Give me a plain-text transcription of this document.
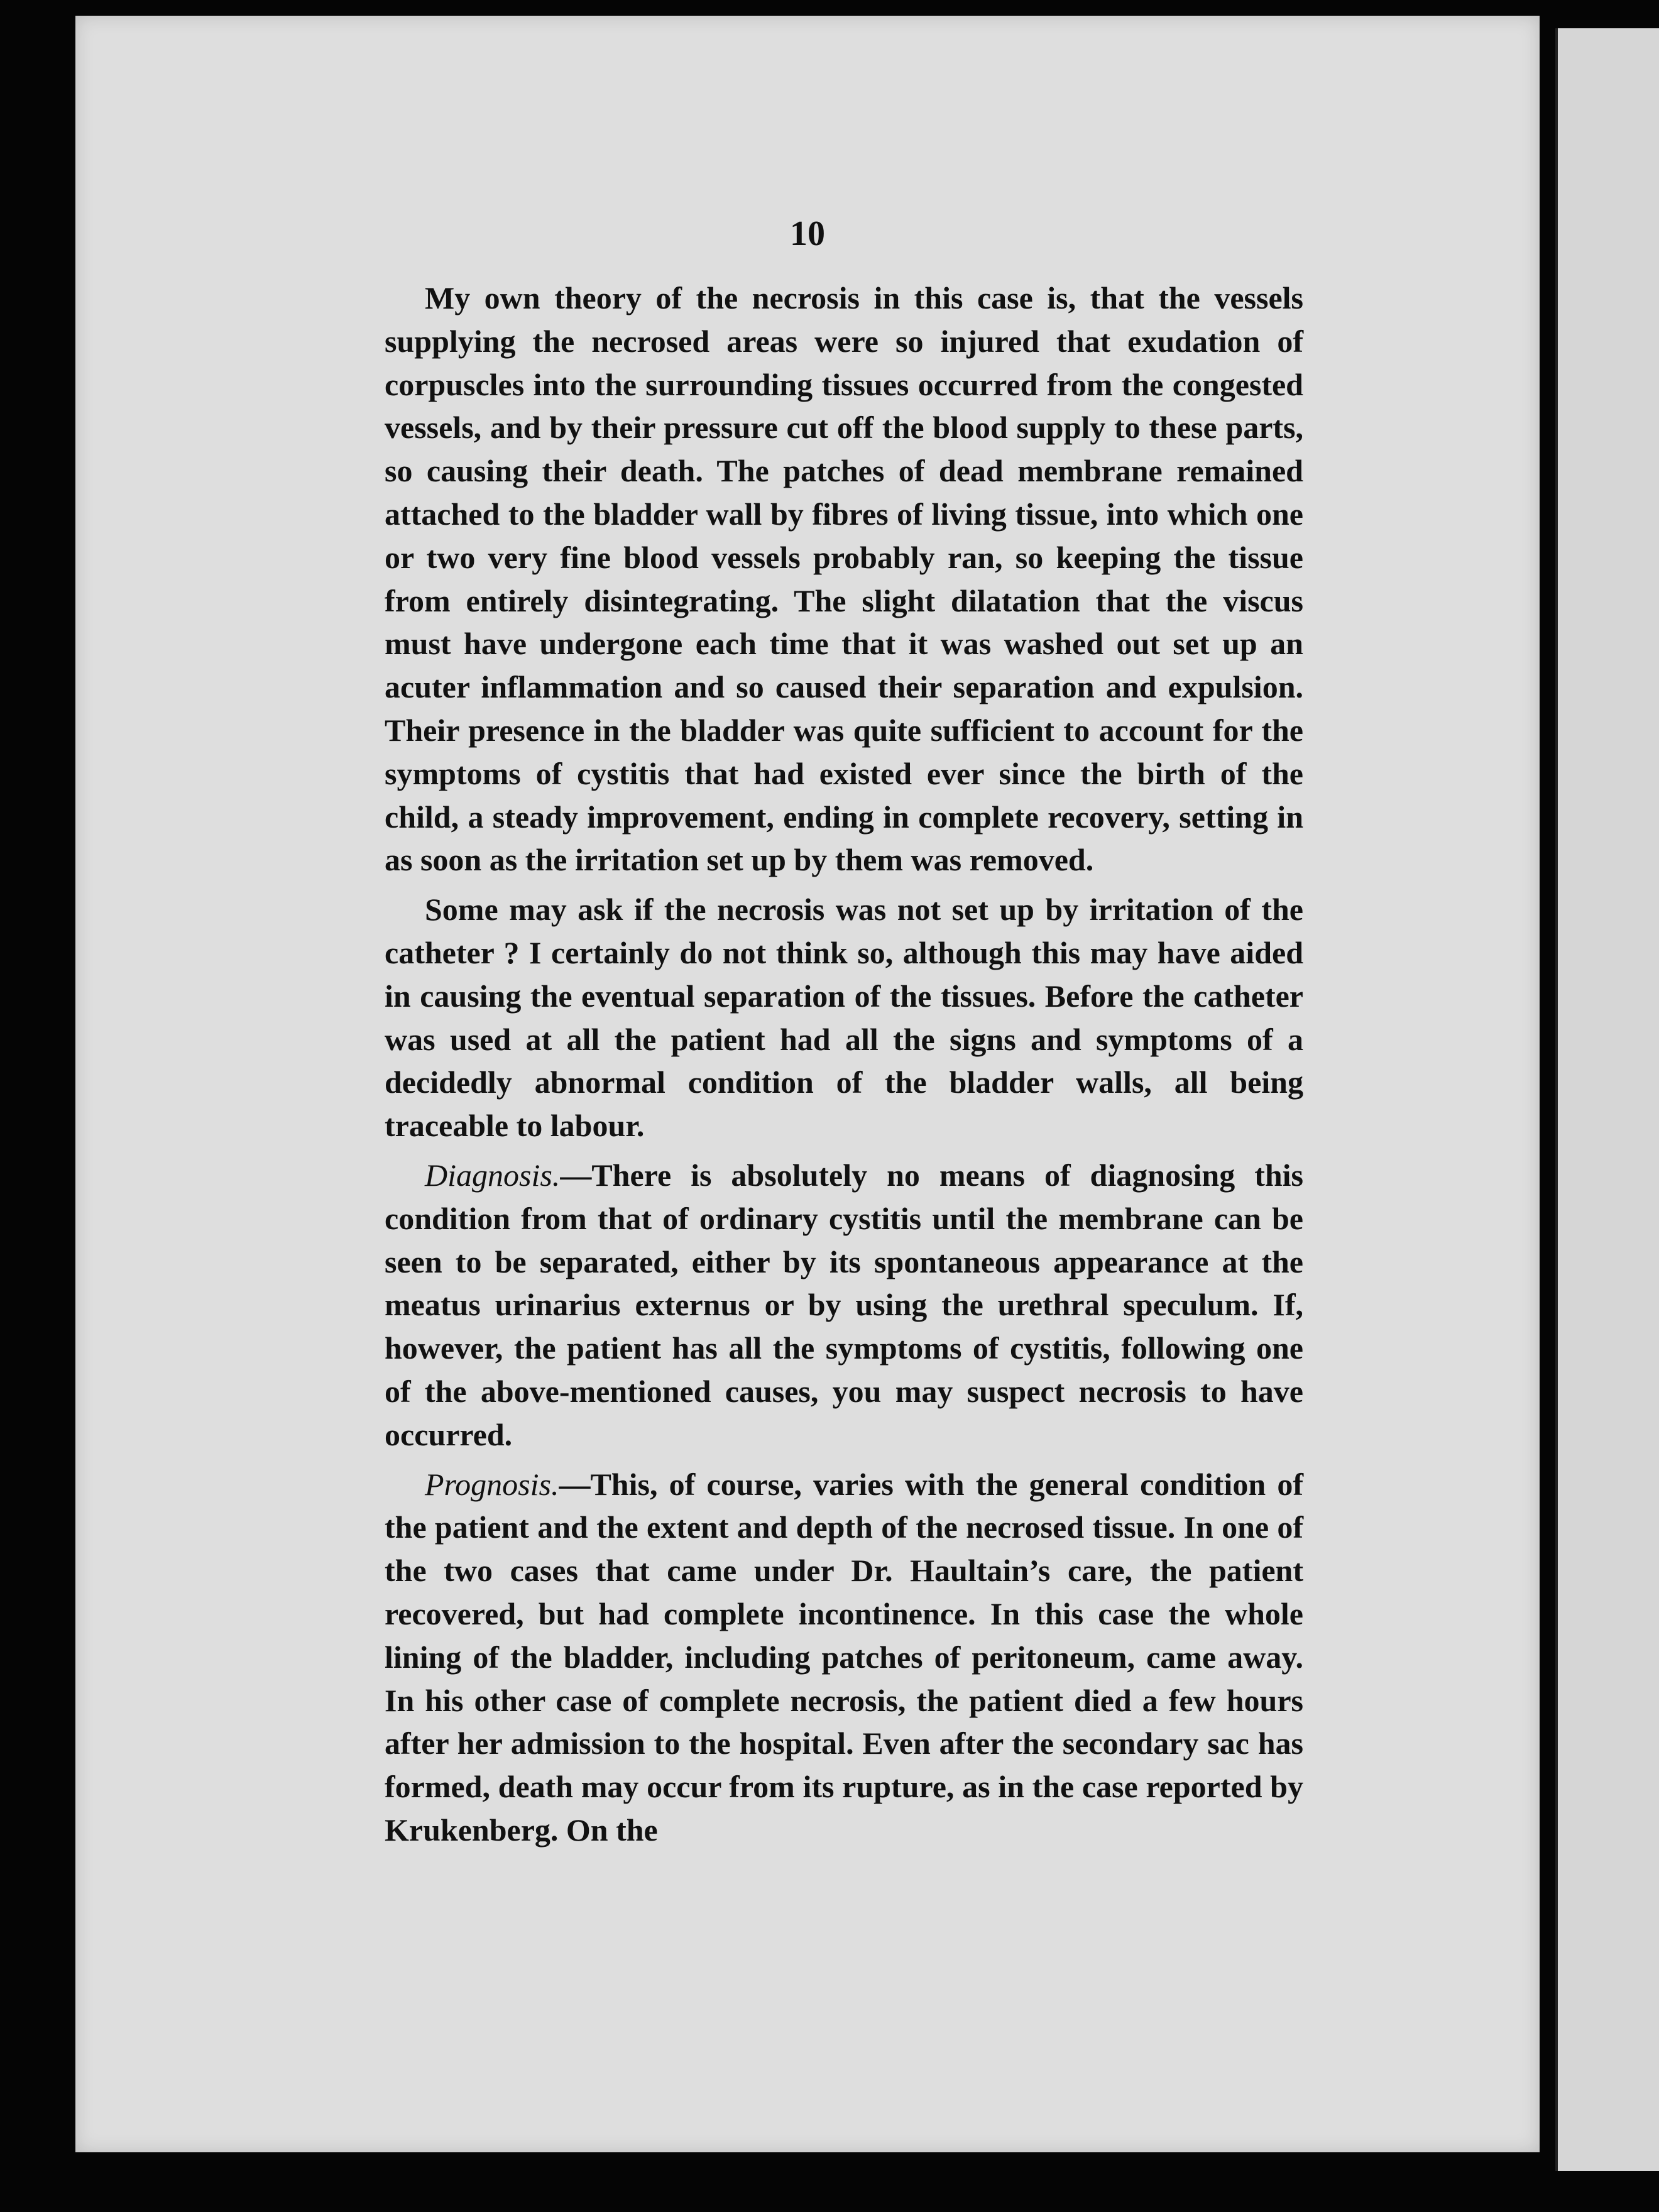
10

My own theory of the necrosis in this case is, that the vessels supplying the necrosed areas were so injured that exudation of corpuscles into the surrounding tissues occurred from the congested vessels, and by their pressure cut off the blood supply to these parts, so causing their death. The patches of dead membrane remained attached to the bladder wall by fibres of living tissue, into which one or two very fine blood vessels probably ran, so keeping the tissue from entirely disintegrating. The slight dilatation that the viscus must have undergone each time that it was washed out set up an acuter inflammation and so caused their separation and expulsion. Their presence in the bladder was quite sufficient to account for the symptoms of cystitis that had existed ever since the birth of the child, a steady improvement, ending in complete recovery, setting in as soon as the irritation set up by them was removed.

Some may ask if the necrosis was not set up by irritation of the catheter ? I certainly do not think so, although this may have aided in causing the eventual separation of the tissues. Before the catheter was used at all the patient had all the signs and symptoms of a decidedly abnormal condition of the bladder walls, all being traceable to labour.

Diagnosis.—There is absolutely no means of diagnosing this condition from that of ordinary cystitis until the membrane can be seen to be separated, either by its spontaneous appearance at the meatus urinarius externus or by using the urethral speculum. If, however, the patient has all the symptoms of cystitis, following one of the above-mentioned causes, you may suspect necrosis to have occurred.

Prognosis.—This, of course, varies with the general condition of the patient and the extent and depth of the necrosed tissue. In one of the two cases that came under Dr. Haultain’s care, the patient recovered, but had complete incontinence. In this case the whole lining of the bladder, including patches of peritoneum, came away. In his other case of complete necrosis, the patient died a few hours after her admission to the hospital. Even after the secondary sac has formed, death may occur from its rupture, as in the case reported by Krukenberg. On the
